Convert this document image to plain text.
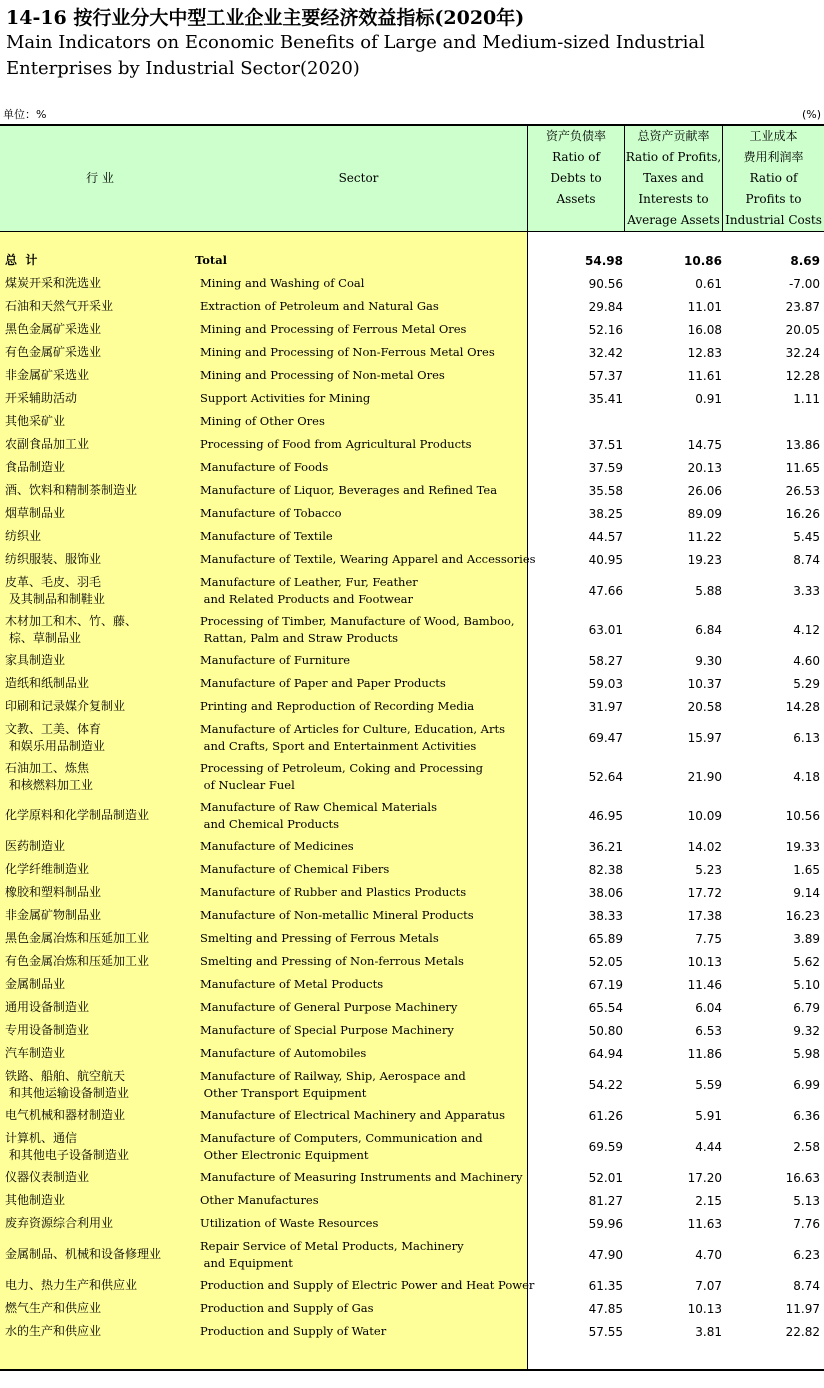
14-16 按行业分大中型工业企业主要经济效益指标(2020年)
Main Indicators on Economic Benefits of Large and Medium-sized Industrial
Enterprises by Industrial Sector(2020)
单位：%	(%)
行 业	Sector
资产负债率
Ratio of
Debts to
Assets

总资产贡献率
Ratio of Profits,
Taxes and
Interests to
Average Assets
工业成本
费用利润率
Ratio of
Profits to
Industrial Costs
总  计	Total	54.98	10.86	8.69
煤炭开采和洗选业	Mining and Washing of Coal	90.56	0.61	-7.00
石油和天然气开采业	Extraction of Petroleum and Natural Gas	29.84	11.01	23.87
黑色金属矿采选业	Mining and Processing of Ferrous Metal Ores	52.16	16.08	20.05
有色金属矿采选业	Mining and Processing of Non-Ferrous Metal Ores	32.42	12.83	32.24
非金属矿采选业	Mining and Processing of Non-metal Ores	57.37	11.61	12.28
开采辅助活动	Support Activities for Mining	35.41	0.91	1.11
其他采矿业	Mining of Other Ores
农副食品加工业	Processing of Food from Agricultural Products	37.51	14.75	13.86
食品制造业	Manufacture of Foods	37.59	20.13	11.65
酒、饮料和精制茶制造业	Manufacture of Liquor, Beverages and Refined Tea	35.58	26.06	26.53
烟草制品业	Manufacture of Tobacco	38.25	89.09	16.26
纺织业	Manufacture of Textile	44.57	11.22	5.45
纺织服装、服饰业	Manufacture of Textile, Wearing Apparel and Accessories	40.95	19.23	8.74
皮革、毛皮、羽毛
及其制品和制鞋业
Manufacture of Leather, Fur, Feather
and Related Products and Footwear
47.66	5.88	3.33
木材加工和木、竹、藤、
棕、草制品业
Processing of Timber, Manufacture of Wood, Bamboo,
Rattan, Palm and Straw Products
63.01	6.84	4.12
家具制造业	Manufacture of Furniture	58.27	9.30	4.60
造纸和纸制品业	Manufacture of Paper and Paper Products	59.03	10.37	5.29
印刷和记录媒介复制业	Printing and Reproduction of Recording Media	31.97	20.58	14.28
文教、工美、体育
和娱乐用品制造业
Manufacture of Articles for Culture, Education, Arts
and Crafts, Sport and Entertainment Activities
69.47	15.97	6.13
石油加工、炼焦
和核燃料加工业
Processing of Petroleum, Coking and Processing
of Nuclear Fuel
52.64	21.90	4.18
化学原料和化学制品制造业
Manufacture of Raw Chemical Materials
and Chemical Products
46.95	10.09	10.56
医药制造业	Manufacture of Medicines	36.21	14.02	19.33
化学纤维制造业	Manufacture of Chemical Fibers	82.38	5.23	1.65
橡胶和塑料制品业	Manufacture of Rubber and Plastics Products	38.06	17.72	9.14
非金属矿物制品业	Manufacture of Non-metallic Mineral Products	38.33	17.38	16.23
黑色金属冶炼和压延加工业	Smelting and Pressing of Ferrous Metals	65.89	7.75	3.89
有色金属冶炼和压延加工业	Smelting and Pressing of Non-ferrous Metals	52.05	10.13	5.62
金属制品业	Manufacture of Metal Products	67.19	11.46	5.10
通用设备制造业	Manufacture of General Purpose Machinery	65.54	6.04	6.79
专用设备制造业	Manufacture of Special Purpose Machinery	50.80	6.53	9.32
汽车制造业	Manufacture of Automobiles	64.94	11.86	5.98
铁路、船舶、航空航天
和其他运输设备制造业
Manufacture of Railway, Ship, Aerospace and
Other Transport Equipment
54.22	5.59	6.99
电气机械和器材制造业	Manufacture of Electrical Machinery and Apparatus	61.26	5.91	6.36
计算机、通信
和其他电子设备制造业
Manufacture of Computers, Communication and
Other Electronic Equipment
69.59	4.44	2.58
仪器仪表制造业	Manufacture of Measuring Instruments and Machinery	52.01	17.20	16.63
其他制造业	Other Manufactures	81.27	2.15	5.13
废弃资源综合利用业	Utilization of Waste Resources	59.96	11.63	7.76
金属制品、机械和设备修理业
Repair Service of Metal Products, Machinery
and Equipment
47.90	4.70	6.23
电力、热力生产和供应业	Production and Supply of Electric Power and Heat Power	61.35	7.07	8.74
燃气生产和供应业	Production and Supply of Gas	47.85	10.13	11.97
水的生产和供应业	Production and Supply of Water	57.55	3.81	22.82
